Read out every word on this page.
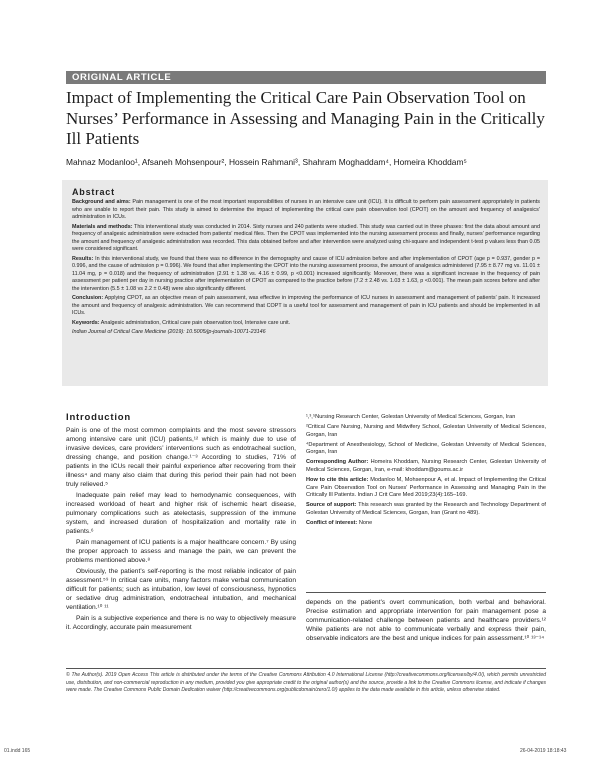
ORIGINAL ARTICLE
Impact of Implementing the Critical Care Pain Observation Tool on Nurses’ Performance in Assessing and Managing Pain in the Critically Ill Patients
Mahnaz Modanloo¹, Afsaneh Mohsenpour², Hossein Rahmani³, Shahram Moghaddam⁴, Homeira Khoddam⁵
Abstract

Background and aims: Pain management is one of the most important responsibilities of nurses in an intensive care unit (ICU). It is difficult to perform pain assessment appropriately in patients who are unable to report their pain. This study is aimed to determine the impact of implementing the critical care pain observation tool (CPOT) on the amount and frequency of analgesics’ administration in ICUs.

Materials and methods: This interventional study was conducted in 2014. Sixty nurses and 240 patients were studied. This study was carried out in three phases: first the data about amount and frequency of analgesic administration were extracted from patients’ medical files. Then the CPOT was implemented into the nursing assessment process and finally, nurses’ performance regarding the amount and frequency of analgesic administration was recorded. This data obtained before and after intervention were analyzed using chi-square and independent t-test p values less than 0.05 were considered significant.

Results: In this interventional study, we found that there was no difference in the demography and cause of ICU admission before and after implementation of CPOT (age p = 0.937, gender p = 0.996, and the cause of admission p = 0.996). We found that after implementing the CPOT into the nursing assessment process, the amount of analgesics administered (7.95 ± 8.77 mg vs. 11.01 ± 11.04 mg, p = 0.018) and the frequency of administration (2.91 ± 1.38 vs. 4.16 ± 0.99, p <0.001) increased significantly. Moreover, there was a significant increase in the frequency of pain assessment per patient per day in nursing practice after implementation of CPOT as compared to the practice before (7.2 ± 2.48 vs. 1.03 ± 1.63, p <0.001). The mean pain scores before and after the intervention (5.5 ± 1.08 vs 2.2 ± 0.48) were also significantly different.

Conclusion: Applying CPOT, as an objective mean of pain assessment, was effective in improving the performance of ICU nurses in assessment and management of patients’ pain. It increased the amount and frequency of analgesic administration. We can recommend that COPT is a useful tool for assessment and management of pain in ICU patients and should be implemented in all ICUs.

Keywords: Analgesic administration, Critical care pain observation tool, Intensive care unit.

Indian Journal of Critical Care Medicine (2019): 10.5005/jp-journals-10071-23146

Introduction

Pain is one of the most common complaints and the most severe stressors among intensive care unit (ICU) patients,¹² which is mainly due to use of invasive devices, care providers’ interventions such as endotracheal suction, dressing change, and position change.¹⁻³ According to studies, 71% of patients in the ICUs recall their painful experience after recovering from their illness⁴ and many also claim that during this period their pain had not been truly relieved.⁵

Inadequate pain relief may lead to hemodynamic consequences, with increased workload of heart and higher risk of ischemic heart disease, pulmonary complications such as atelectasis, suppression of the immune system, and increased duration of hospitalization and mortality rate in patients.⁶

Pain management of ICU patients is a major healthcare concern.⁷ By using the proper approach to assess and manage the pain, we can prevent the problems mentioned above.⁸

Obviously, the patient’s self-reporting is the most reliable indicator of pain assessment.⁵⁹ In critical care units, many factors make verbal communication difficult for patients; such as intubation, low level of consciousness, hypnotics or sedative drug administration, endotracheal intubation, and mechanical ventilation.¹⁰ ¹¹

Pain is a subjective experience and there is no way to objectively measure it. Accordingly, accurate pain measurement

¹,³,⁵Nursing Research Center, Golestan University of Medical Sciences, Gorgan, Iran

²Critical Care Nursing, Nursing and Midwifery School, Golestan University of Medical Sciences, Gorgan, Iran

⁴Department of Anesthesiology, School of Medicine, Golestan University of Medical Sciences, Gorgan, Iran

Corresponding Author: Homeira Khoddam, Nursing Research Center, Golestan University of Medical Sciences, Gorgan, Iran, e-mail: khoddam@goums.ac.ir

How to cite this article: Modanloo M, Mohsenpour A, et al. Impact of Implementing the Critical Care Pain Observation Tool on Nurses’ Performance in Assessing and Managing Pain in the Critically Ill Patients. Indian J Crit Care Med 2019;23(4):165–169.

Source of support: This research was granted by the Research and Technology Department of Golestan University of Medical Sciences, Gorgan, Iran (Grant no 489).

Conflict of interest: None

depends on the patient’s overt communication, both verbal and behavioral. Precise estimation and appropriate intervention for pain management pose a communication-related challenge between patients and healthcare providers.¹² While patients are not able to communicate verbally and express their pain, observable indicators are the best and unique indices for pain assessment.¹⁰ ¹³⁻¹⁴
© The Author(s). 2019 Open Access This article is distributed under the terms of the Creative Commons Attribution 4.0 International License (http://creativecommons.org/licenses/by/4.0/), which permits unrestricted use, distribution, and non-commercial reproduction in any medium, provided you give appropriate credit to the original author(s) and the source, provide a link to the Creative Commons license, and indicate if changes were made. The Creative Commons Public Domain Dedication waiver (http://creativecommons.org/publicdomain/zero/1.0/) applies to the data made available in this article, unless otherwise stated.
01.indd 165	26-04-2019 18:18:43
